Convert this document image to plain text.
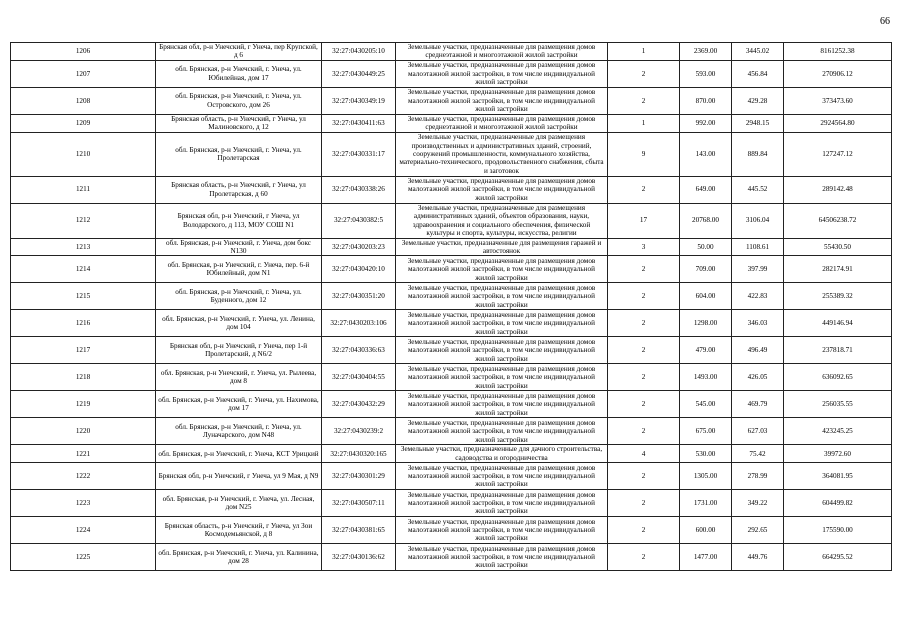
66
1206	Брянская обл, р-н Унечский, г Унеча, пер Крупской, д 6	32:27:0430205:10	Земельные участки, предназначенные для размещения домов среднеэтажной и многоэтажной жилой застройки	1	2369.00	3445.02	8161252.38
1207	обл. Брянская, р-н Унечский, г. Унеча, ул. Юбилейная, дом 17	32:27:0430449:25	Земельные участки, предназначенные для размещения домов малоэтажной жилой застройки, в том числе индивидуальной жилой застройки	2	593.00	456.84	270906.12
1208	обл. Брянская, р-н Унечский, г. Унеча, ул. Островского, дом 26	32:27:0430349:19	Земельные участки, предназначенные для размещения домов малоэтажной жилой застройки, в том числе индивидуальной жилой застройки	2	870.00	429.28	373473.60
1209	Брянская область, р-н Унечский, г Унеча, ул Малиновского, д 12	32:27:0430411:63	Земельные участки, предназначенные для размещения домов среднеэтажной и многоэтажной жилой застройки	1	992.00	2948.15	2924564.80
1210	обл. Брянская, р-н Унечский, г. Унеча, ул. Пролетарская	32:27:0430331:17	Земельные участки, предназначенные для размещения производственных и административных зданий, строений, сооружений промышленности, коммунального хозяйства, материально-технического, продовольственного снабжения, сбыта и заготовок	9	143.00	889.84	127247.12
1211	Брянская область, р-н Унечский, г Унеча, ул Пролетарская, д 60	32:27:0430338:26	Земельные участки, предназначенные для размещения домов малоэтажной жилой застройки, в том числе индивидуальной жилой застройки	2	649.00	445.52	289142.48
1212	Брянская обл, р-н Унечский, г Унеча, ул Володарского, д 113, МОУ СОШ N1	32:27:0430382:5	Земельные участки, предназначенные для размещения административных зданий, объектов образования, науки, здравоохранения и социального обеспечения, физической культуры и спорта, культуры, искусства, религии	17	20768.00	3106.04	64506238.72
1213	обл. Брянская, р-н Унечский, г. Унеча, дом бокс N130	32:27:0430203:23	Земельные участки, предназначенные для размещения гаражей и автостоянок	3	50.00	1108.61	55430.50
1214	обл. Брянская, р-н Унечский, г. Унеча, пер. 6-й Юбилейный, дом N1	32:27:0430420:10	Земельные участки, предназначенные для размещения домов малоэтажной жилой застройки, в том числе индивидуальной жилой застройки	2	709.00	397.99	282174.91
1215	обл. Брянская, р-н Унечский, г. Унеча, ул. Буденного, дом 12	32:27:0430351:20	Земельные участки, предназначенные для размещения домов малоэтажной жилой застройки, в том числе индивидуальной жилой застройки	2	604.00	422.83	255389.32
1216	обл. Брянская, р-н Унечский, г. Унеча, ул. Ленина, дом 104	32:27:0430203:106	Земельные участки, предназначенные для размещения домов малоэтажной жилой застройки, в том числе индивидуальной жилой застройки	2	1298.00	346.03	449146.94
1217	Брянская обл, р-н Унечский, г Унеча, пер 1-й Пролетарский, д N6/2	32:27:0430336:63	Земельные участки, предназначенные для размещения домов малоэтажной жилой застройки, в том числе индивидуальной жилой застройки	2	479.00	496.49	237818.71
1218	обл. Брянская, р-н Унечский, г. Унеча, ул. Рылеева, дом 8	32:27:0430404:55	Земельные участки, предназначенные для размещения домов малоэтажной жилой застройки, в том числе индивидуальной жилой застройки	2	1493.00	426.05	636092.65
1219	обл. Брянская, р-н Унечский, г. Унеча, ул. Нахимова, дом 17	32:27:0430432:29	Земельные участки, предназначенные для размещения домов малоэтажной жилой застройки, в том числе индивидуальной жилой застройки	2	545.00	469.79	256035.55
1220	обл. Брянская, р-н Унечский, г. Унеча, ул. Луначарского, дом N48	32:27:0430239:2	Земельные участки, предназначенные для размещения домов малоэтажной жилой застройки, в том числе индивидуальной жилой застройки	2	675.00	627.03	423245.25
1221	обл. Брянская, р-н Унечский, г. Унеча, КСТ Урицкий	32:27:0430320:165	Земельные участки, предназначенные для дачного строительства, садоводства и огородничества	4	530.00	75.42	39972.60
1222	Брянская обл, р-н Унечский, г Унеча, ул 9 Мая, д N9	32:27:0430301:29	Земельные участки, предназначенные для размещения домов малоэтажной жилой застройки, в том числе индивидуальной жилой застройки	2	1305.00	278.99	364081.95
1223	обл. Брянская, р-н Унечский, г. Унеча, ул. Лесная, дом N25	32:27:0430507:11	Земельные участки, предназначенные для размещения домов малоэтажной жилой застройки, в том числе индивидуальной жилой застройки	2	1731.00	349.22	604499.82
1224	Брянская область, р-н Унечский, г Унеча, ул Зои Космодемьянской, д 8	32:27:0430381:65	Земельные участки, предназначенные для размещения домов малоэтажной жилой застройки, в том числе индивидуальной жилой застройки	2	600.00	292.65	175590.00
1225	обл. Брянская, р-н Унечский, г. Унеча, ул. Калинина, дом 28	32:27:0430136:62	Земельные участки, предназначенные для размещения домов малоэтажной жилой застройки, в том числе индивидуальной жилой застройки	2	1477.00	449.76	664295.52
